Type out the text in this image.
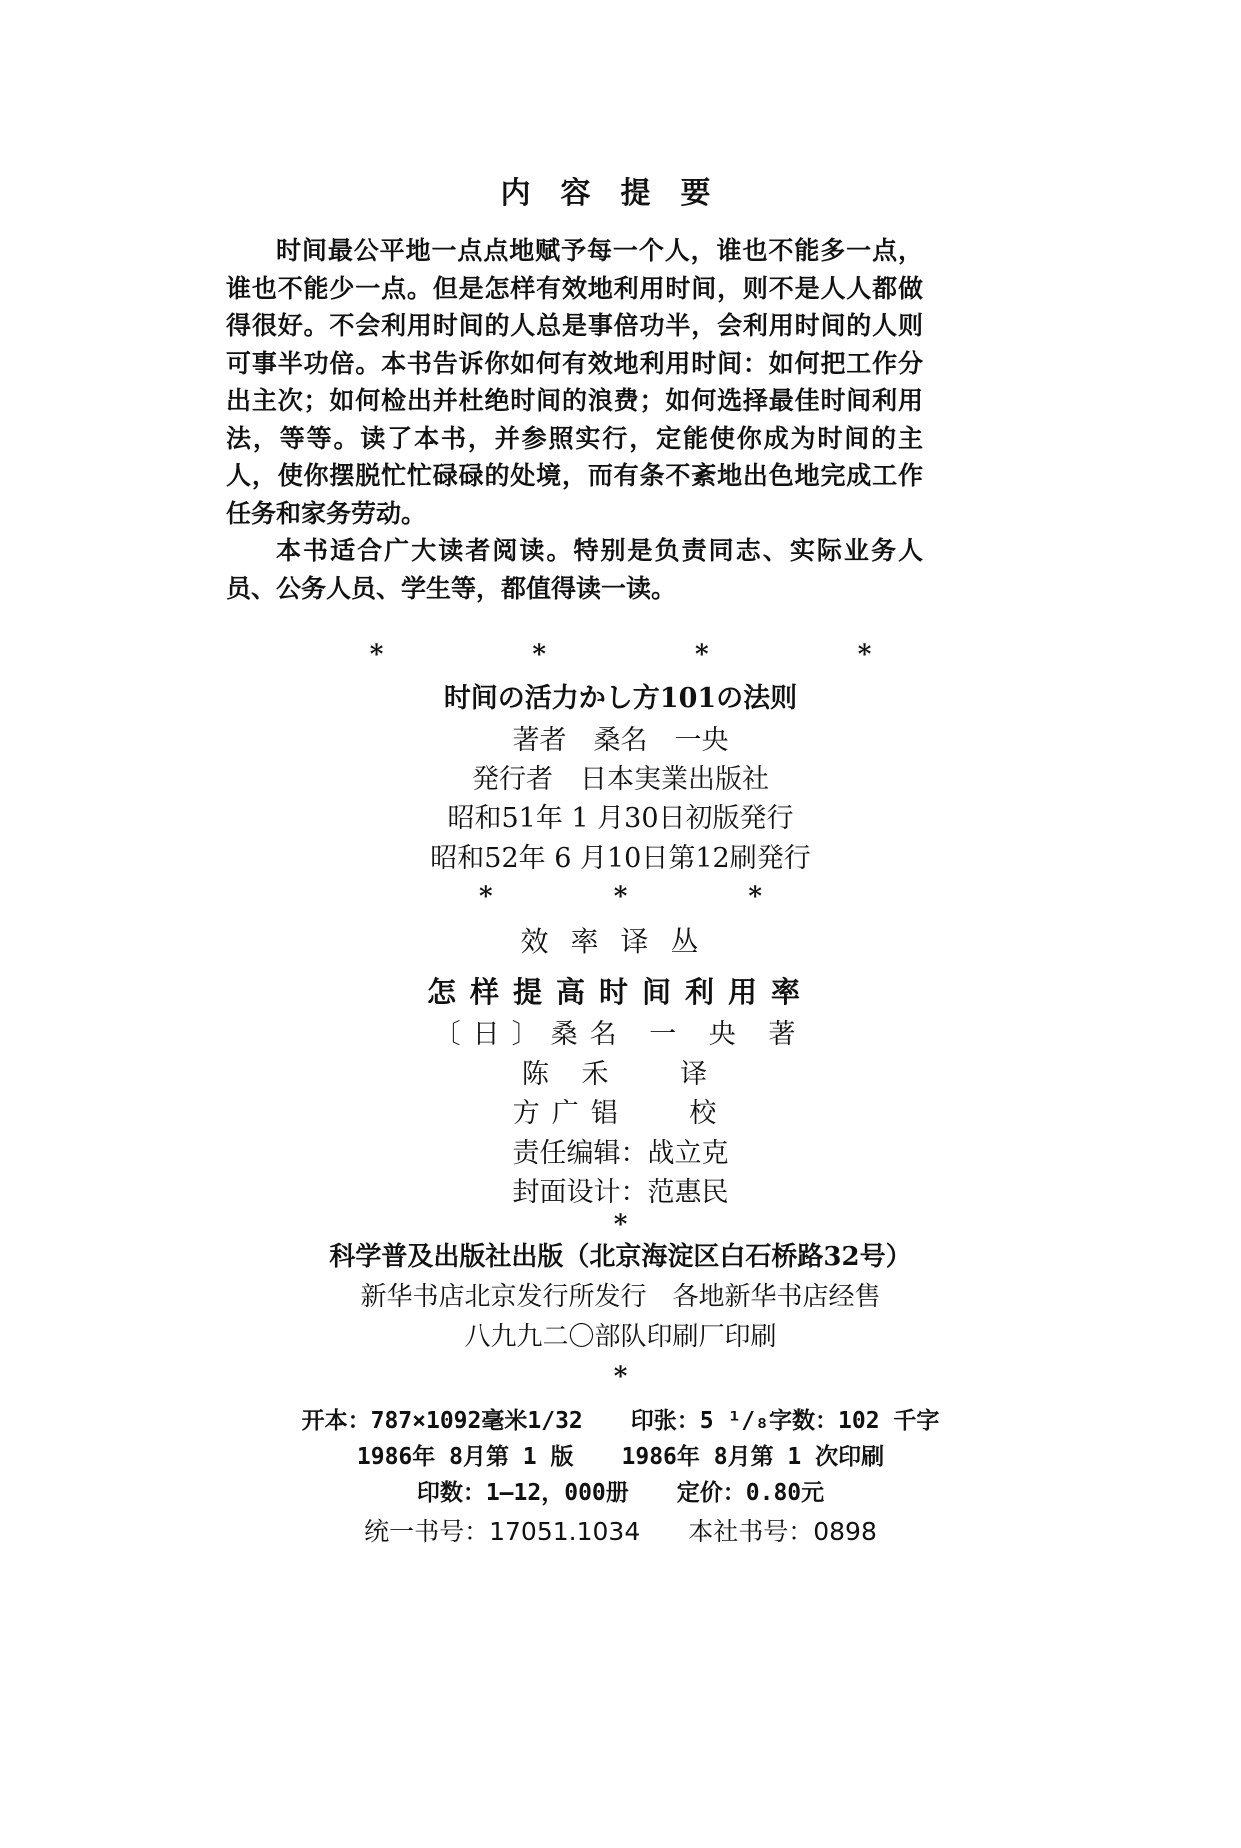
内容提要

时间最公平地一点点地赋予每一个人，谁也不能多一点，谁也不能少一点。但是怎样有效地利用时间，则不是人人都做得很好。不会利用时间的人总是事倍功半，会利用时间的人则可事半功倍。本书告诉你如何有效地利用时间：如何把工作分出主次；如何检出并杜绝时间的浪费；如何选择最佳时间利用法，等等。读了本书，并参照实行，定能使你成为时间的主人，使你摆脱忙忙碌碌的处境，而有条不紊地出色地完成工作任务和家务劳动。

本书适合广大读者阅读。特别是负责同志、实际业务人员、公务人员、学生等，都值得读一读。

*	*	*	*
时间の活力かし方101の法则
著者　桑名　一央
発行者　日本実業出版社
昭和51年 1 月30日初版発行
昭和52年 6 月10日第12刷発行
*	*	*
效率译丛
怎样提高时间利用率
〔日〕桑名 一 央 著
陈 禾　 译
方广锠　 校
责任编辑：战立克
封面设计：范惠民
*
科学普及出版社出版（北京海淀区白石桥路32号）
新华书店北京发行所发行　各地新华书店经售
八九九二〇部队印刷厂印刷
*
开本：787×1092毫米1/32 印张：5 ¹/₈字数：102 千字
1986年 8月第 1 版 1986年 8月第 1 次印刷
印数：1—12，000册 定价：0.80元
统一书号：17051.1034 本社书号：0898
